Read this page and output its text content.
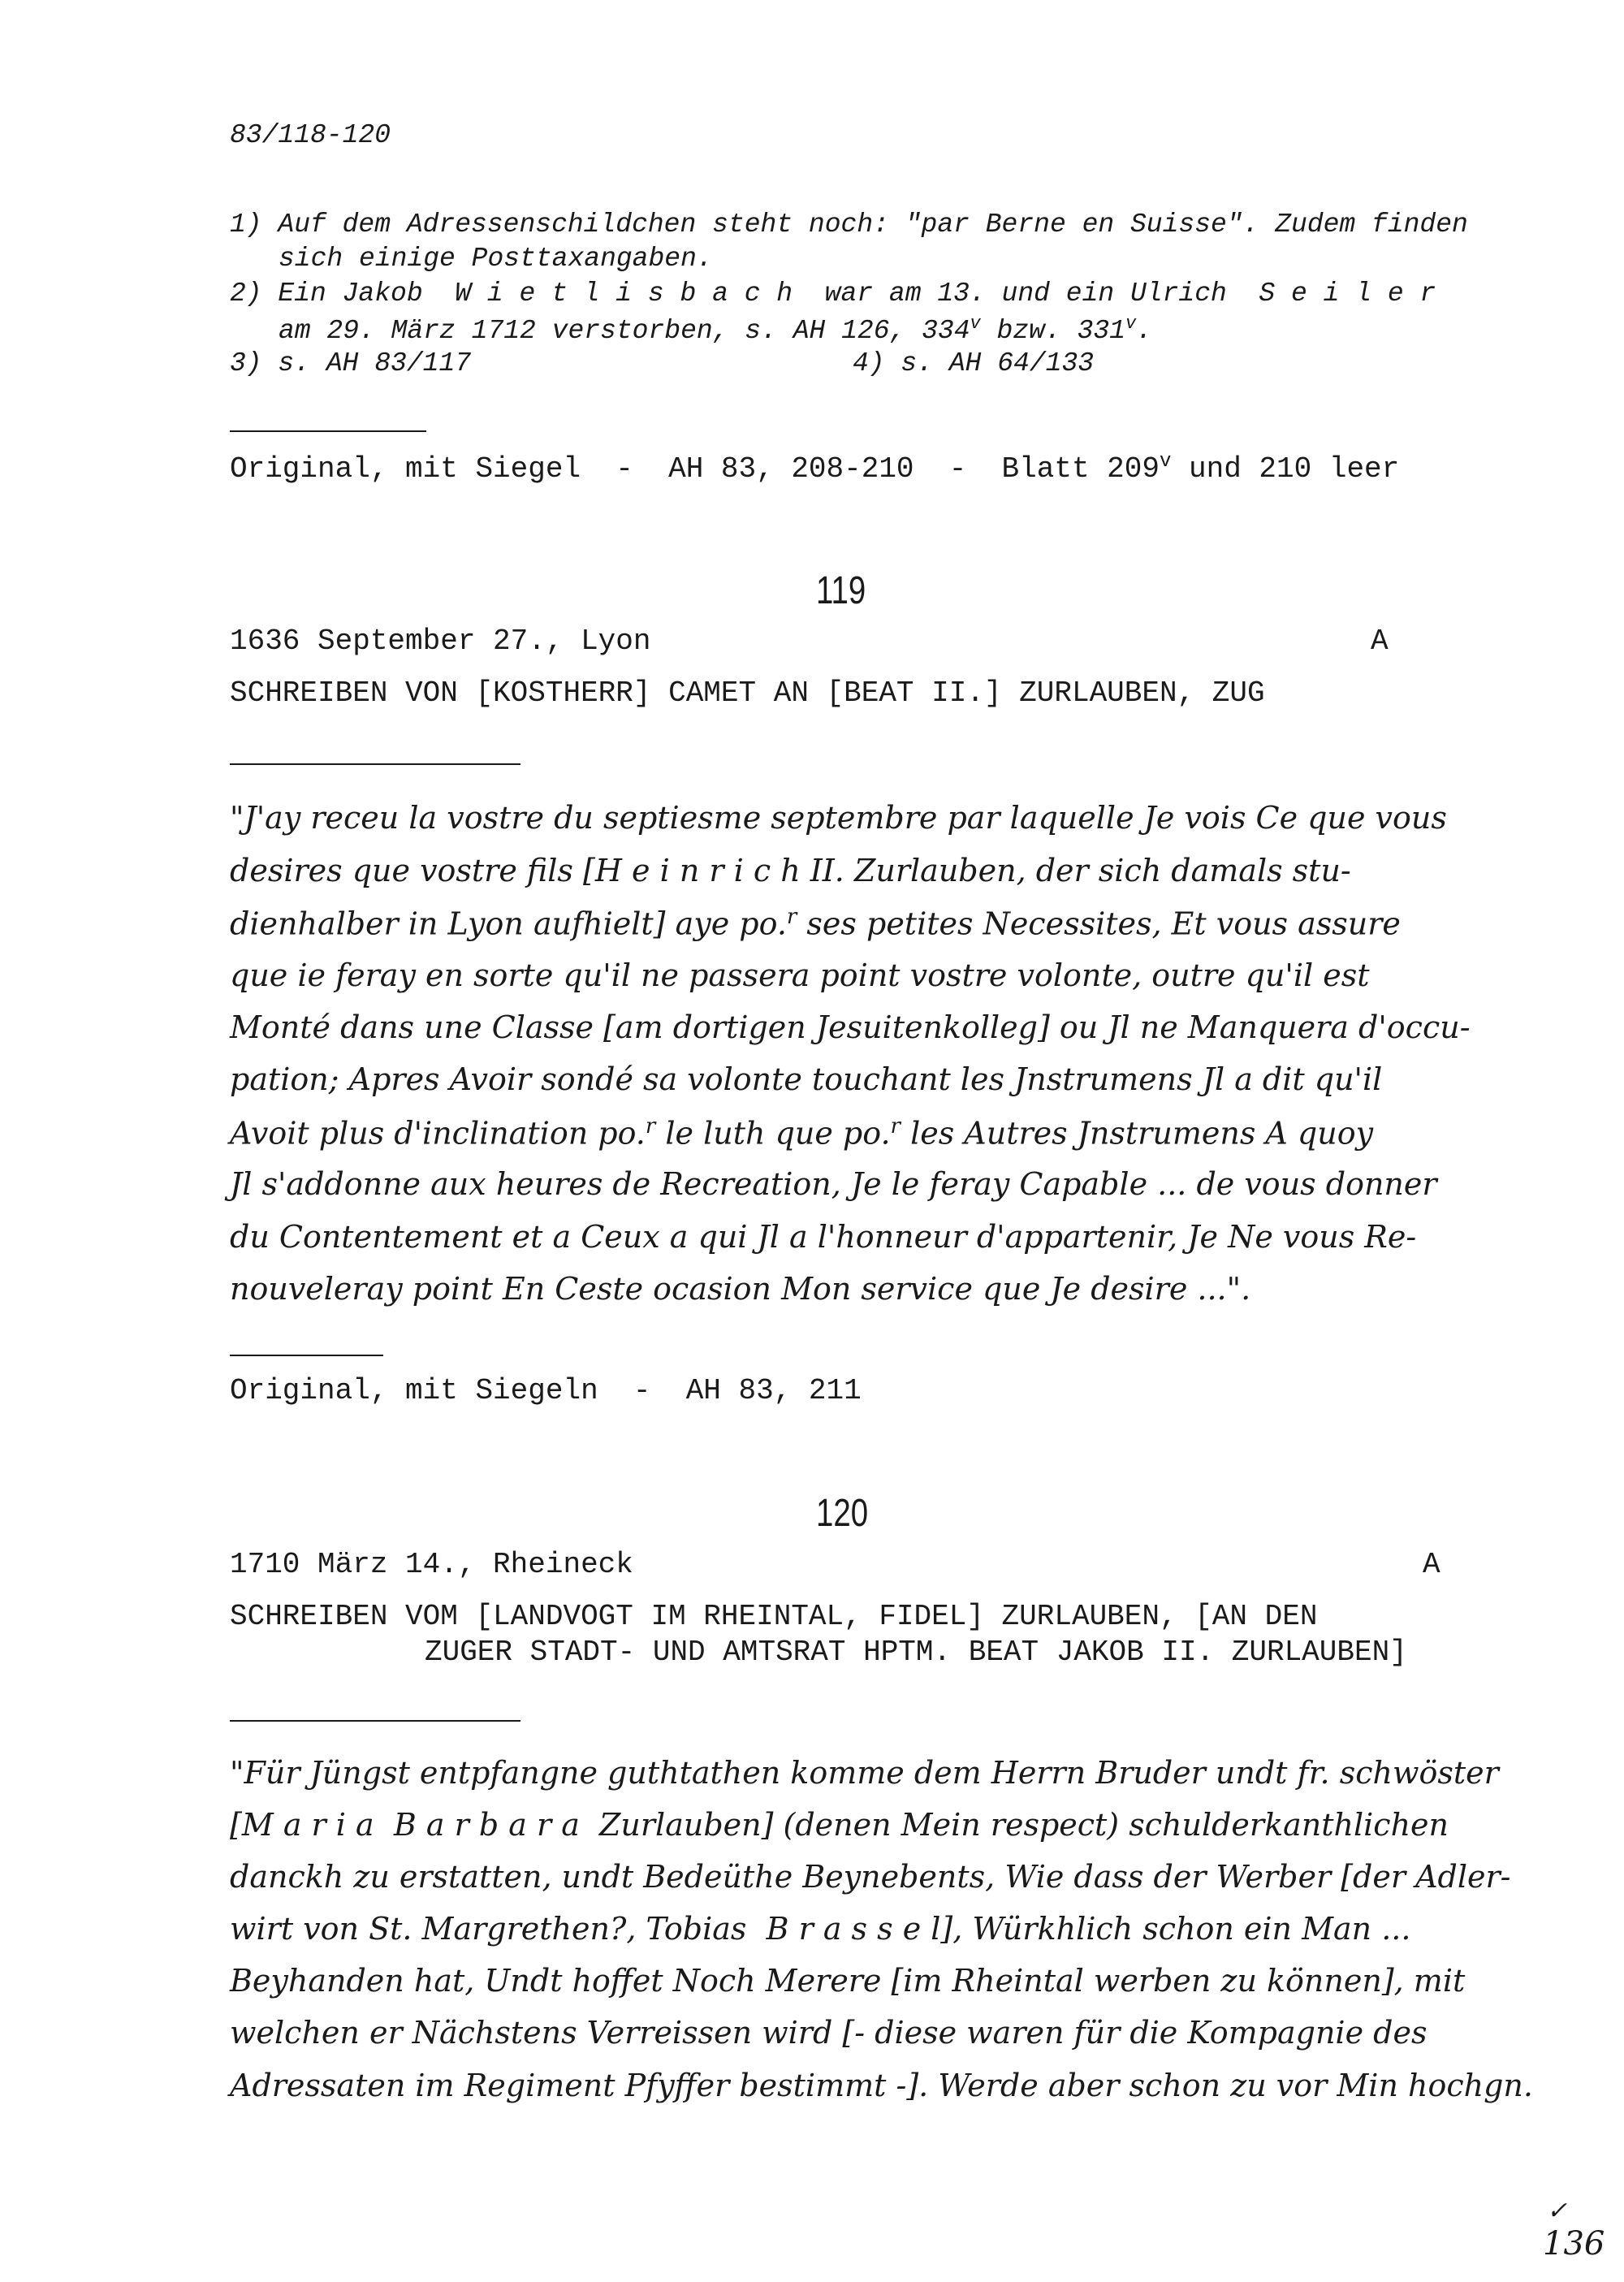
83/118-120
1) Auf dem Adressenschildchen steht noch: "par Berne en Suisse". Zudem finden
sich einige Posttaxangaben.
2) Ein Jakob  W i e t l i s b a c h  war am 13. und ein Ulrich  S e i l e r
am 29. März 1712 verstorben, s. AH 126, 334$^v$ bzw. 331$^v$.
3) s. AH 83/117	4) s. AH 64/133
Original, mit Siegel  -  AH 83, 208-210  -  Blatt 209$^v$ und 210 leer
119
1636 September 27., Lyon	A
SCHREIBEN VON [KOSTHERR] CAMET AN [BEAT II.] ZURLAUBEN, ZUG
"J'ay receu la vostre du septiesme septembre par laquelle Je vois Ce que vous
desires que vostre fils [H e i n r i c h II. Zurlauben, der sich damals stu-
dienhalber in Lyon aufhielt] aye po.$^r$ ses petites Necessites, Et vous assure
que ie feray en sorte qu'il ne passera point vostre volonte, outre qu'il est
Monté dans une Classe [am dortigen Jesuitenkolleg] ou Jl ne Manquera d'occu-
pation; Apres Avoir sondé sa volonte touchant les Jnstrumens Jl a dit qu'il
Avoit plus d'inclination po.$^r$ le luth que po.$^r$ les Autres Jnstrumens A quoy
Jl s'addonne aux heures de Recreation, Je le feray Capable ... de vous donner
du Contentement et a Ceux a qui Jl a l'honneur d'appartenir, Je Ne vous Re-
nouveleray point En Ceste ocasion Mon service que Je desire ...".
Original, mit Siegeln  -  AH 83, 211
120
1710 März 14., Rheineck	A
SCHREIBEN VOM [LANDVOGT IM RHEINTAL, FIDEL] ZURLAUBEN, [AN DEN
ZUGER STADT- UND AMTSRAT HPTM. BEAT JAKOB II. ZURLAUBEN]
"Für Jüngst entpfangne guthtathen komme dem Herrn Bruder undt fr. schwöster
[M a r i a  B a r b a r a  Zurlauben] (denen Mein respect) schulderkanthlichen
danckh zu erstatten, undt Bedeüthe Beynebents, Wie dass der Werber [der Adler-
wirt von St. Margrethen?, Tobias  B r a s s e l], Würkhlich schon ein Man ...
Beyhanden hat, Undt hoffet Noch Merere [im Rheintal werben zu können], mit
welchen er Nächstens Verreissen wird [- diese waren für die Kompagnie des
Adressaten im Regiment Pfyffer bestimmt -]. Werde aber schon zu vor Min hochgn.
✓
136
